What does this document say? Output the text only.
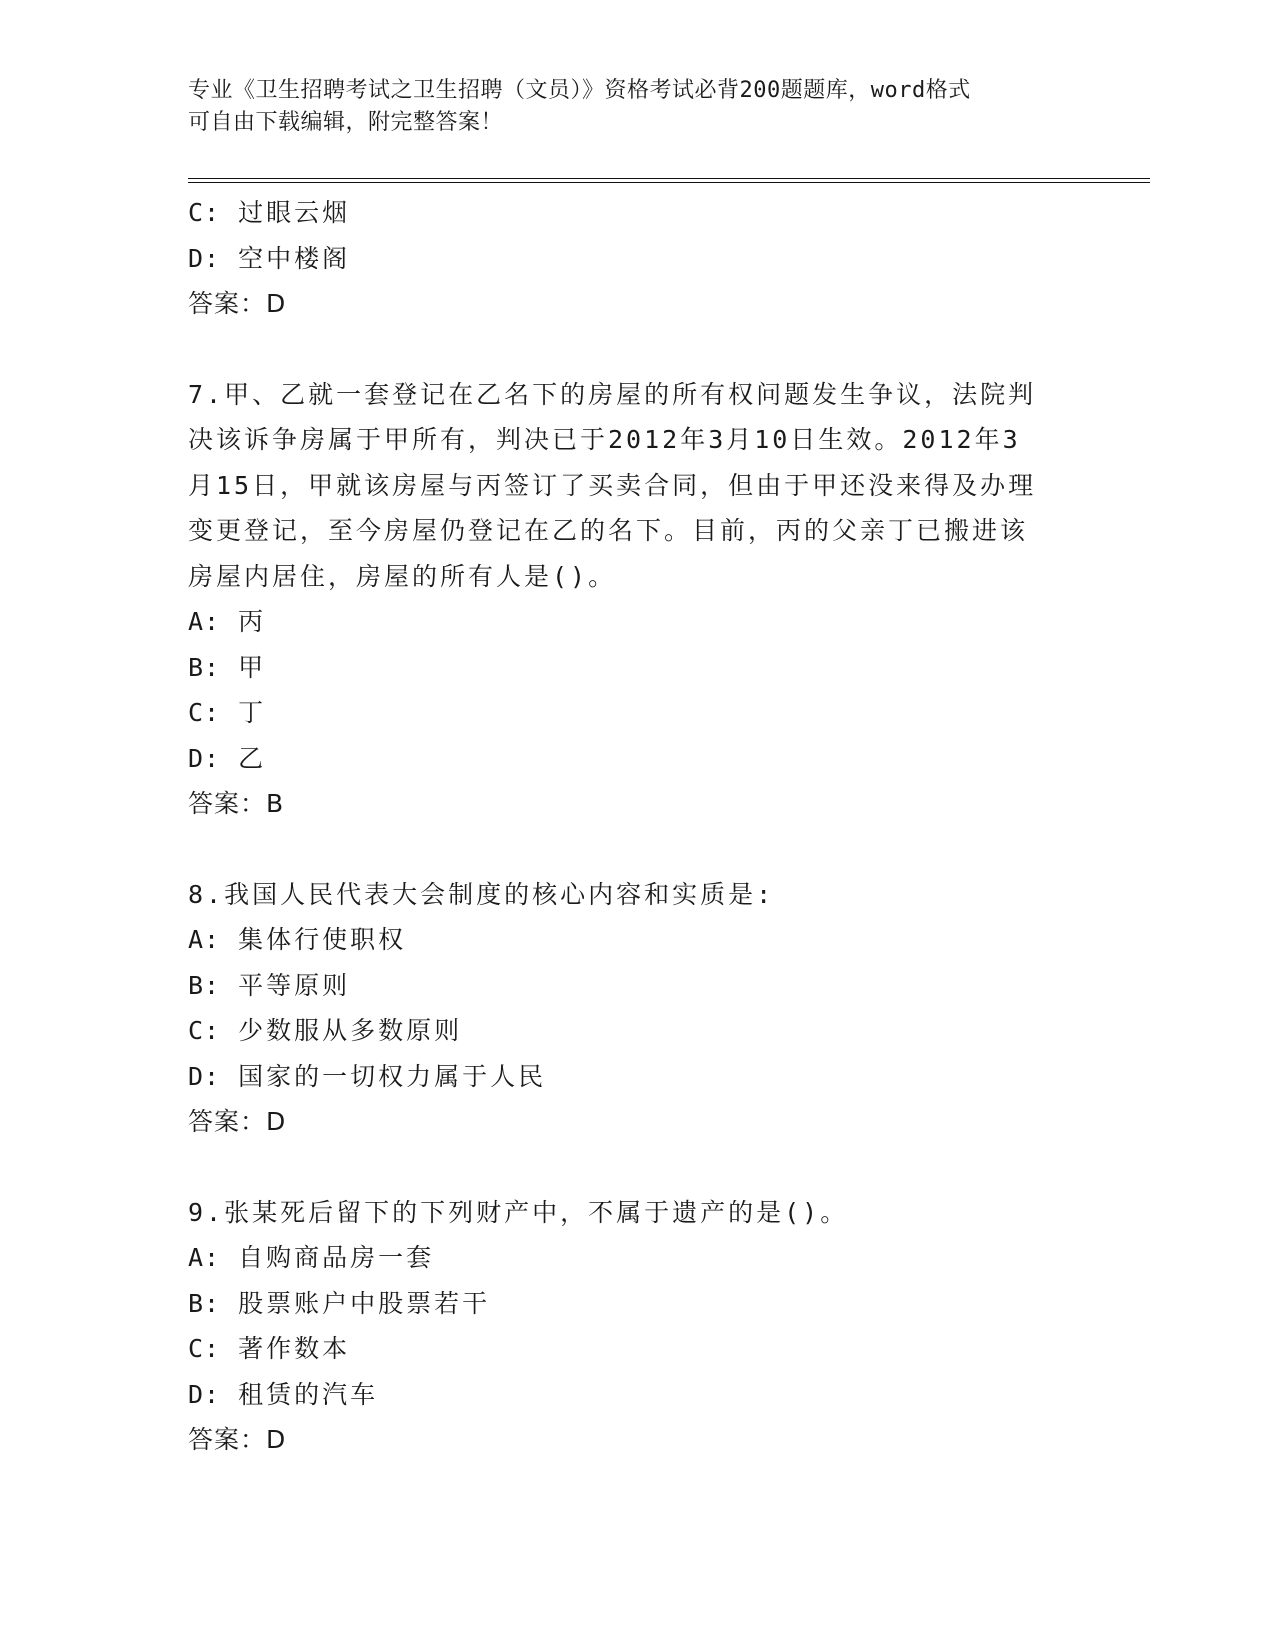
专业《卫生招聘考试之卫生招聘（文员）》资格考试必背200题题库，word格式
可自由下载编辑，附完整答案！
C: 过眼云烟
D: 空中楼阁
答案：D
7.甲、乙就一套登记在乙名下的房屋的所有权问题发生争议，法院判
决该诉争房属于甲所有，判决已于2012年3月10日生效。2012年3
月15日，甲就该房屋与丙签订了买卖合同，但由于甲还没来得及办理
变更登记，至今房屋仍登记在乙的名下。目前，丙的父亲丁已搬进该
房屋内居住，房屋的所有人是()。
A: 丙
B: 甲
C: 丁
D: 乙
答案：B
8.我国人民代表大会制度的核心内容和实质是:
A: 集体行使职权
B: 平等原则
C: 少数服从多数原则
D: 国家的一切权力属于人民
答案：D
9.张某死后留下的下列财产中，不属于遗产的是()。
A: 自购商品房一套
B: 股票账户中股票若干
C: 著作数本
D: 租赁的汽车
答案：D
